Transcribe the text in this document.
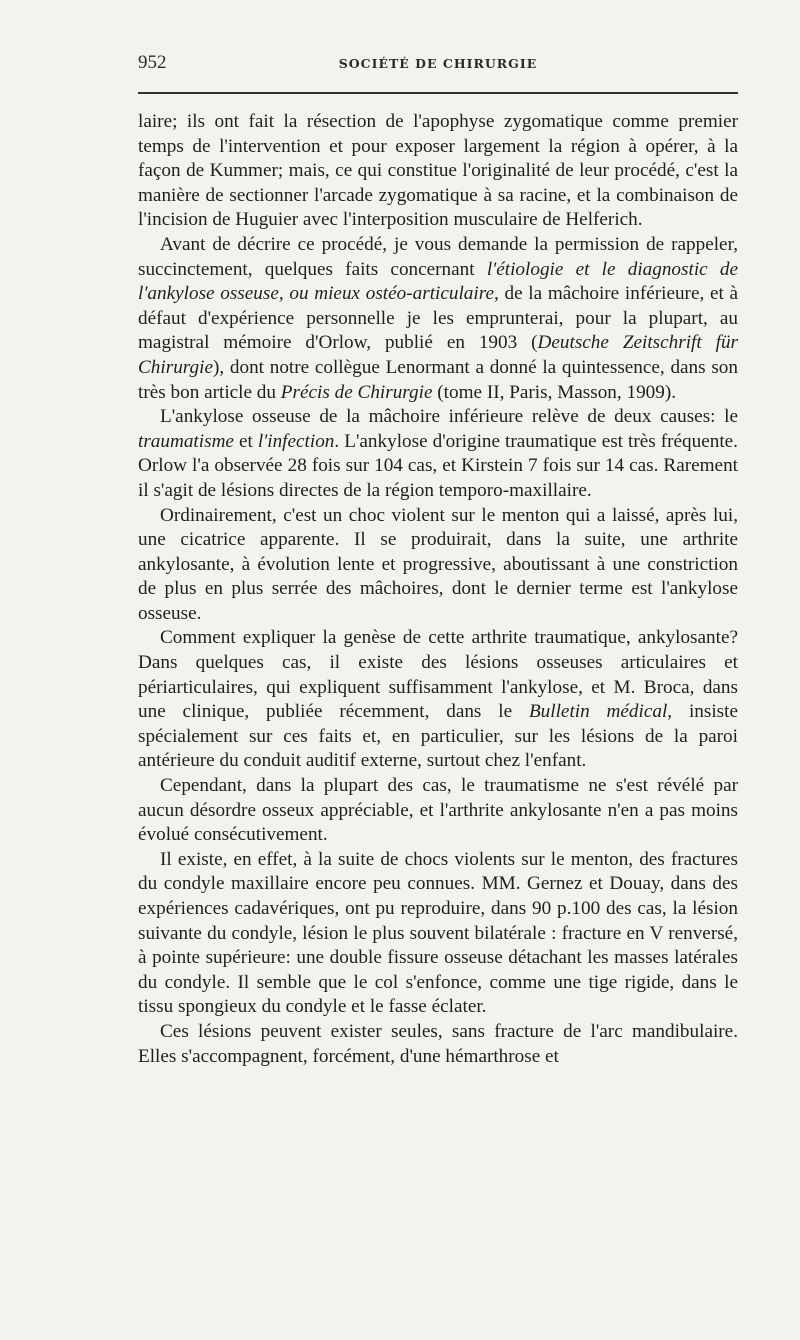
952	SOCIÉTÉ DE CHIRURGIE

laire; ils ont fait la résection de l'apophyse zygomatique comme premier temps de l'intervention et pour exposer largement la région à opérer, à la façon de Kummer; mais, ce qui constitue l'originalité de leur procédé, c'est la manière de sectionner l'arcade zygomatique à sa racine, et la combinaison de l'incision de Huguier avec l'interposition musculaire de Helferich.

Avant de décrire ce procédé, je vous demande la permission de rappeler, succinctement, quelques faits concernant l'étiologie et le diagnostic de l'ankylose osseuse, ou mieux ostéo-articulaire, de la mâchoire inférieure, et à défaut d'expérience personnelle je les emprunterai, pour la plupart, au magistral mémoire d'Orlow, publié en 1903 (Deutsche Zeitschrift für Chirurgie), dont notre collègue Lenormant a donné la quintessence, dans son très bon article du Précis de Chirurgie (tome II, Paris, Masson, 1909).

L'ankylose osseuse de la mâchoire inférieure relève de deux causes: le traumatisme et l'infection. L'ankylose d'origine traumatique est très fréquente. Orlow l'a observée 28 fois sur 104 cas, et Kirstein 7 fois sur 14 cas. Rarement il s'agit de lésions directes de la région temporo-maxillaire.

Ordinairement, c'est un choc violent sur le menton qui a laissé, après lui, une cicatrice apparente. Il se produirait, dans la suite, une arthrite ankylosante, à évolution lente et progressive, aboutissant à une constriction de plus en plus serrée des mâchoires, dont le dernier terme est l'ankylose osseuse.

Comment expliquer la genèse de cette arthrite traumatique, ankylosante? Dans quelques cas, il existe des lésions osseuses articulaires et périarticulaires, qui expliquent suffisamment l'ankylose, et M. Broca, dans une clinique, publiée récemment, dans le Bulletin médical, insiste spécialement sur ces faits et, en particulier, sur les lésions de la paroi antérieure du conduit auditif externe, surtout chez l'enfant.

Cependant, dans la plupart des cas, le traumatisme ne s'est révélé par aucun désordre osseux appréciable, et l'arthrite ankylosante n'en a pas moins évolué consécutivement.

Il existe, en effet, à la suite de chocs violents sur le menton, des fractures du condyle maxillaire encore peu connues. MM. Gernez et Douay, dans des expériences cadavériques, ont pu reproduire, dans 90 p.100 des cas, la lésion suivante du condyle, lésion le plus souvent bilatérale : fracture en V renversé, à pointe supérieure: une double fissure osseuse détachant les masses latérales du condyle. Il semble que le col s'enfonce, comme une tige rigide, dans le tissu spongieux du condyle et le fasse éclater.

Ces lésions peuvent exister seules, sans fracture de l'arc mandibulaire. Elles s'accompagnent, forcément, d'une hémarthrose et
